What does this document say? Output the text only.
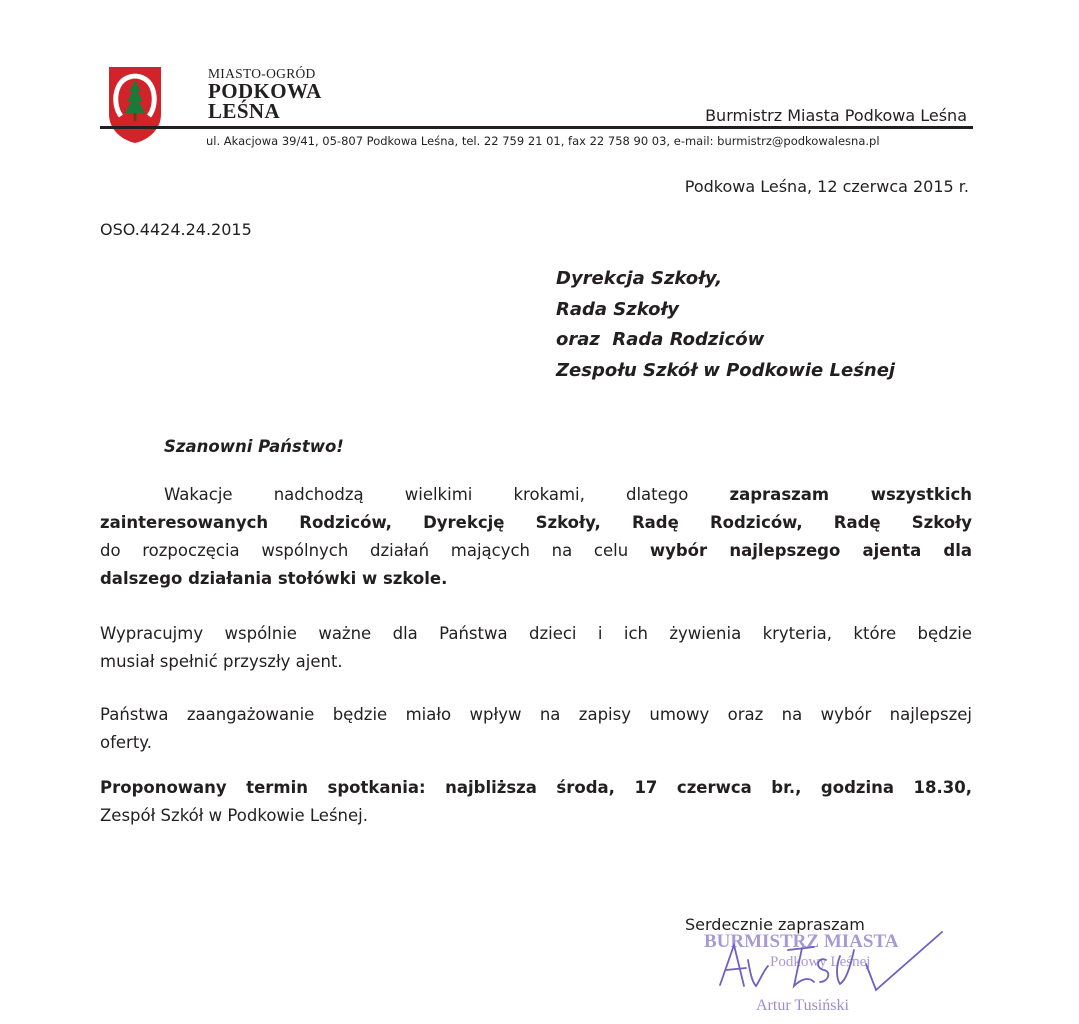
MIASTO-OGRÓD
PODKOWA
LEŚNA	Burmistrz Miasta Podkowa Leśna
ul. Akacjowa 39/41, 05-807 Podkowa Leśna, tel. 22 759 21 01, fax 22 758 90 03, e-mail: burmistrz@podkowalesna.pl
Podkowa Leśna, 12 czerwca 2015 r.
OSO.4424.24.2015
Dyrekcja Szkoły,
Rada Szkoły
oraz  Rada Rodziców
Zespołu Szkół w Podkowie Leśnej
Szanowni Państwo!
Wakacje nadchodzą wielkimi krokami, dlatego zapraszam wszystkich
zainteresowanych Rodziców, Dyrekcję Szkoły, Radę Rodziców, Radę Szkoły
do rozpoczęcia wspólnych działań mających na celu wybór najlepszego ajenta dla
dalszego działania stołówki w szkole.
Wypracujmy wspólnie ważne dla Państwa dzieci i ich żywienia kryteria, które będzie
musiał spełnić przyszły ajent.
Państwa zaangażowanie będzie miało wpływ na zapisy umowy oraz na wybór najlepszej
oferty.
Proponowany termin spotkania: najbliższa środa, 17 czerwca br., godzina 18.30,
Zespół Szkół w Podkowie Leśnej.
Serdecznie zapraszam
BURMISTRZ MIASTA
Podkowy Leśnej
Artur Tusiński
